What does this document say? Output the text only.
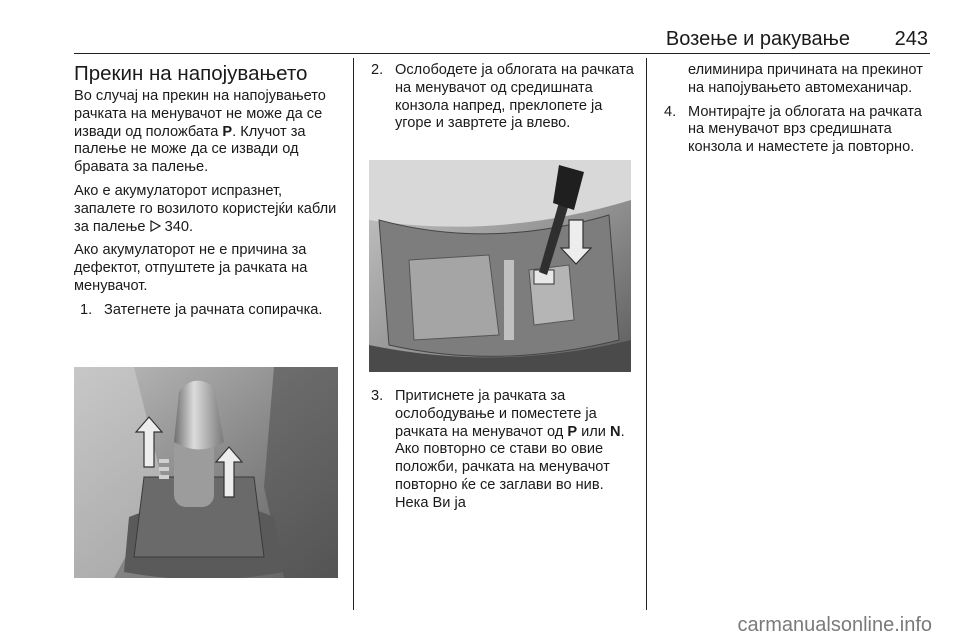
Возење и ракување	243
Прекин на напојувањето

Во случај на прекин на напојувањето рачката на менувачот не може да се извади од положбата P. Клучот за палење не може да се извади од бравата за палење.

Ако е акумулаторот испразнет, запалете го возилото користејќи кабли за палење  340.

Ако акумулаторот не е причина за дефектот, отпуштете ја рачката на менувачот.

1. Затегнете ја рачната сопирачка.
2. Ослободете ја облогата на рачката на менувачот од средишната конзола напред, преклопете ја угоре и завртете ја влево.
3. Притиснете ја рачката за ослободување и поместете ја рачката на менувачот од P или N. Ако повторно се стави во овие положби, рачката на менувачот повторно ќе се заглави во нив. Нека Ви ја

елиминира причината на прекинот на напојувањето автомеханичар.

4. Монтирајте ја облогата на рачката на менувачот врз средишната конзола и наместете ја повторно.
carmanualsonline.info
